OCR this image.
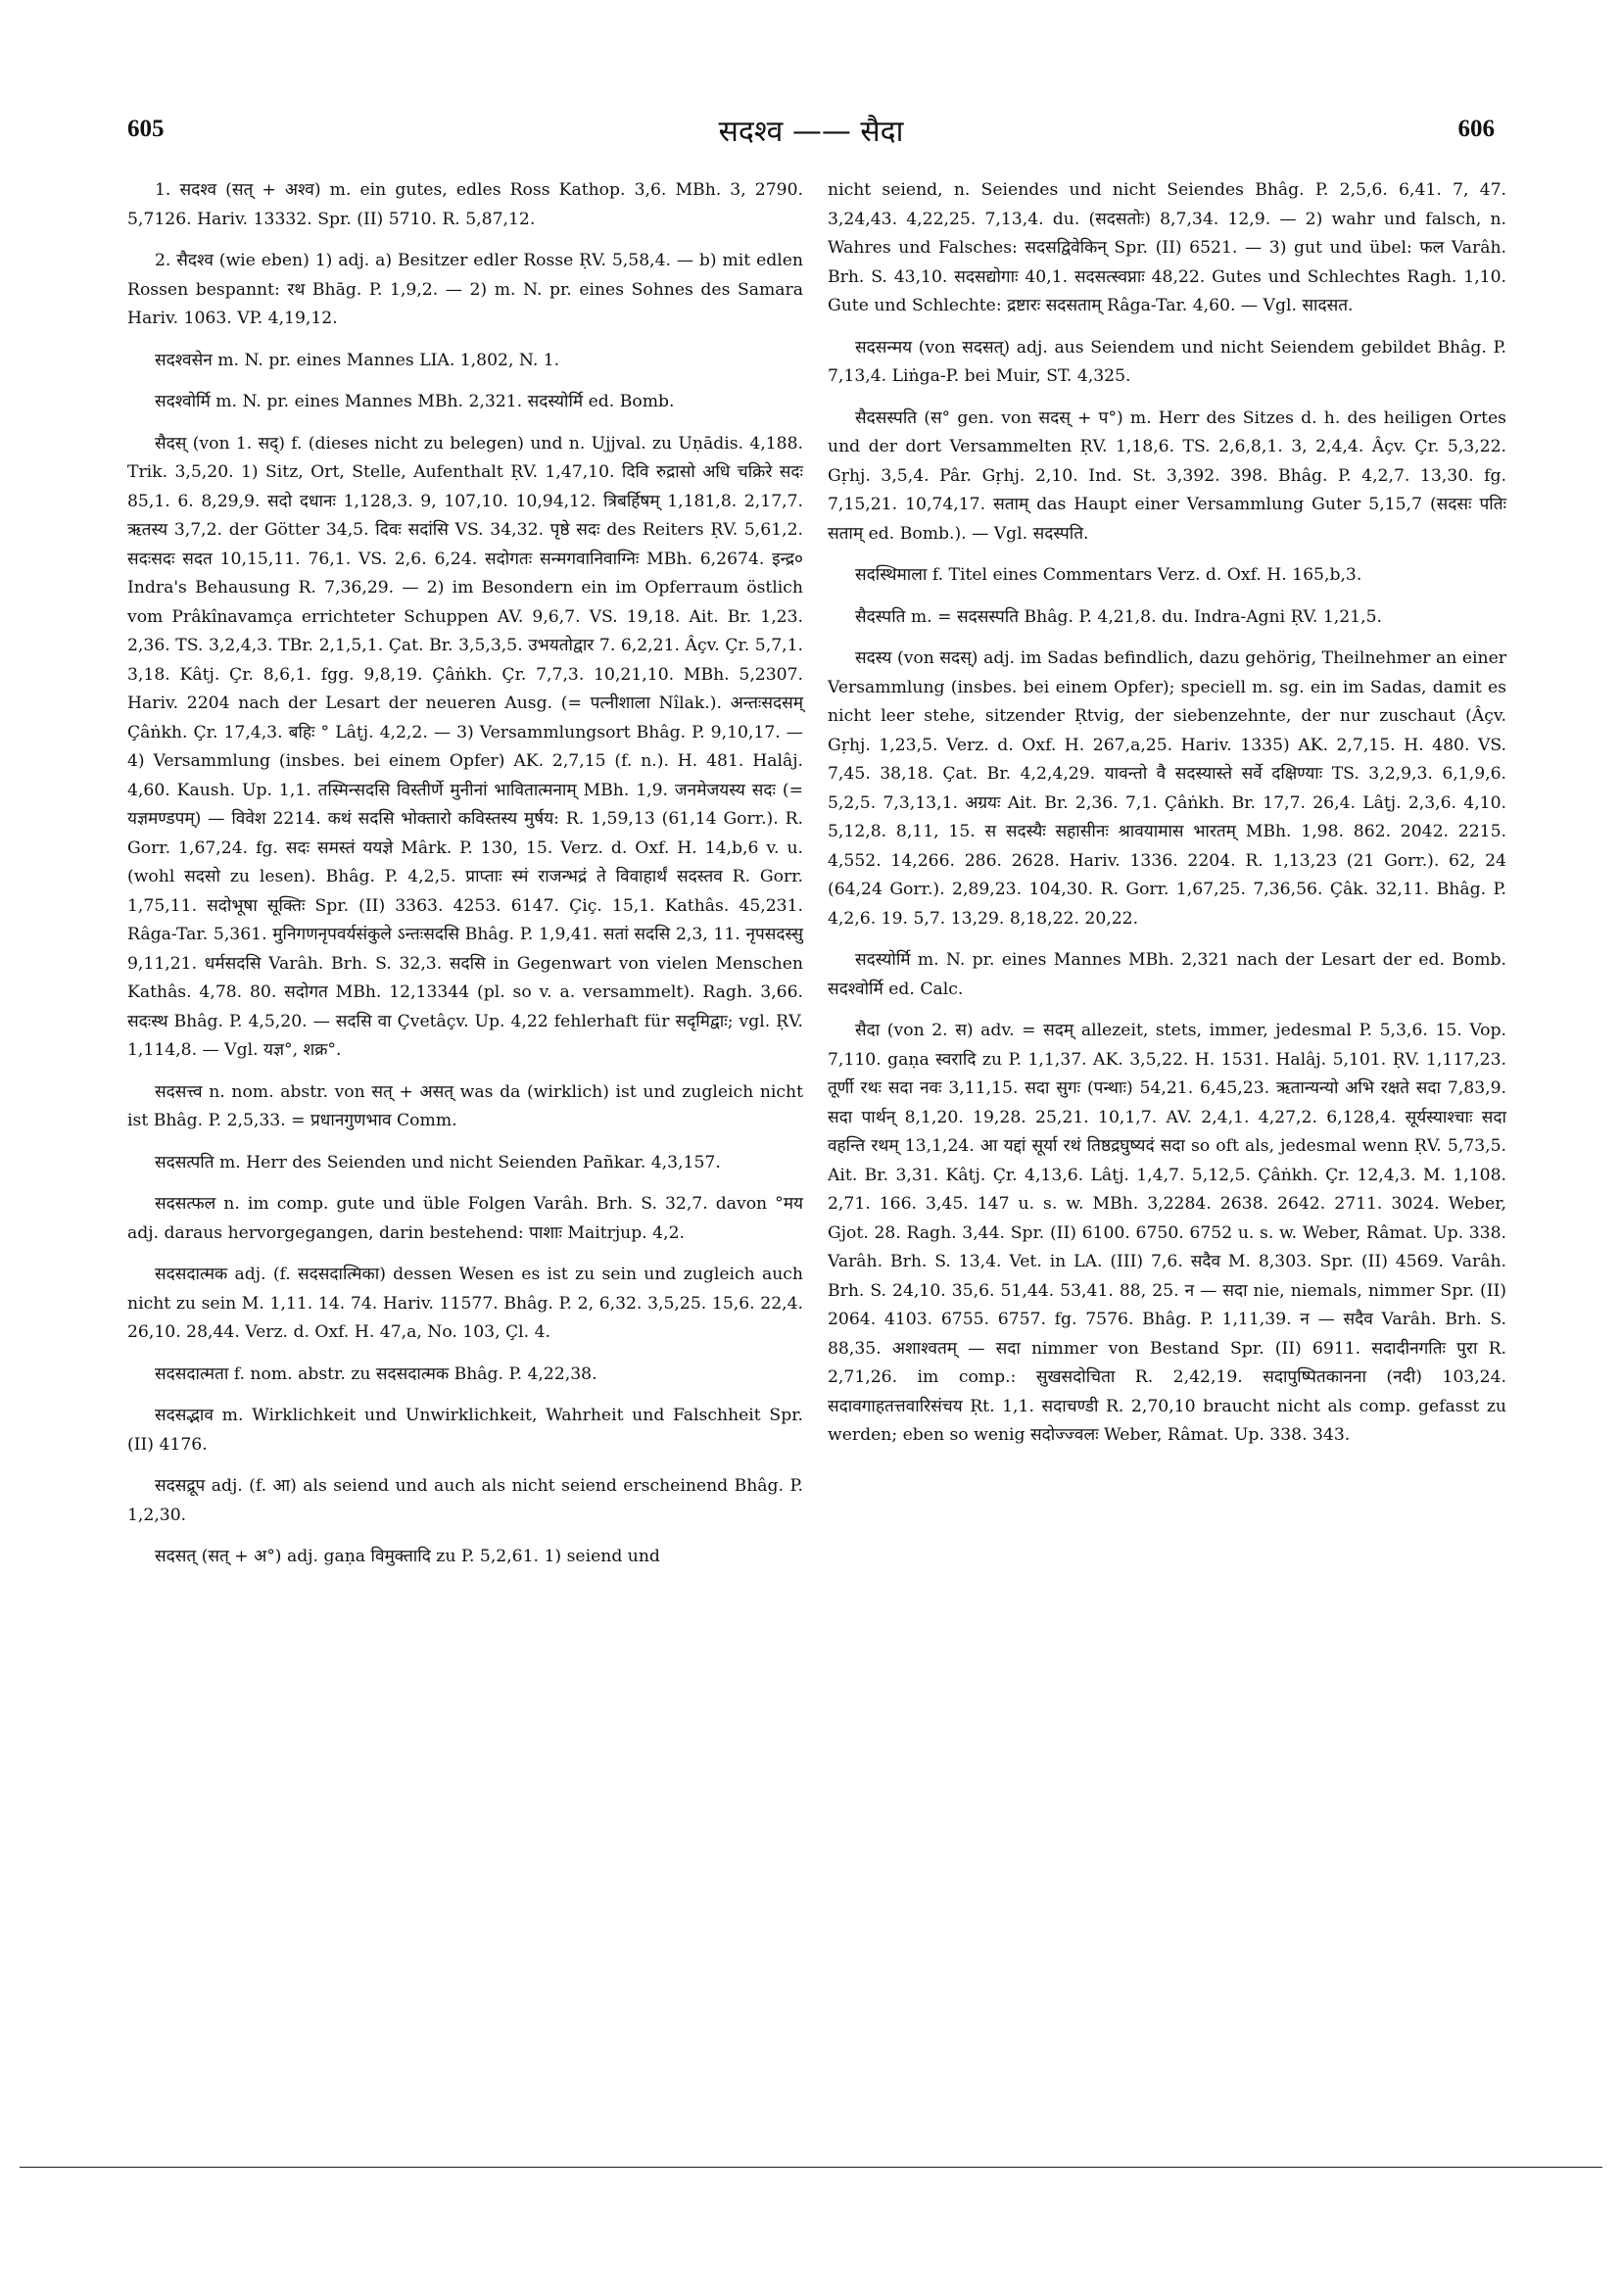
605	सदश्व —— सैदा	606

1. सदश्व (सत् + अश्व) m. ein gutes, edles Ross Kathop. 3,6. MBh. 3, 2790. 5,7126. Hariv. 13332. Spr. (II) 5710. R. 5,87,12.

2. सैदश्व (wie eben) 1) adj. a) Besitzer edler Rosse ṚV. 5,58,4. — b) mit edlen Rossen bespannt: रथ Bhāg. P. 1,9,2. — 2) m. N. pr. eines Sohnes des Samara Hariv. 1063. VP. 4,19,12.

सदश्वसेन m. N. pr. eines Mannes LIA. 1,802, N. 1.

सदश्वोर्मि m. N. pr. eines Mannes MBh. 2,321. सदस्योर्मि ed. Bomb.

सैदस् (von 1. सद्) f. (dieses nicht zu belegen) und n. Ujjval. zu Uṇādis. 4,188. Trik. 3,5,20. 1) Sitz, Ort, Stelle, Aufenthalt ṚV. 1,47,10. दिवि रुद्रासो अधि चक्रिरे सदः 85,1. 6. 8,29,9. सदो दधानः 1,128,3. 9, 107,10. 10,94,12. त्रिबर्हिषम् 1,181,8. 2,17,7. ऋतस्य 3,7,2. der Götter 34,5. दिवः सदांसि VS. 34,32. पृष्ठे सदः des Reiters ṚV. 5,61,2. सदःसदः सदत 10,15,11. 76,1. VS. 2,6. 6,24. सदोगतः सन्मगवानिवाग्निः MBh. 6,2674. इन्द्र० Indra's Behausung R. 7,36,29. — 2) im Besondern ein im Opferraum östlich vom Prâkînavamça errichteter Schuppen AV. 9,6,7. VS. 19,18. Ait. Br. 1,23. 2,36. TS. 3,2,4,3. TBr. 2,1,5,1. Çat. Br. 3,5,3,5. उभयतोद्वार 7. 6,2,21. Âçv. Çr. 5,7,1. 3,18. Kâtj. Çr. 8,6,1. fgg. 9,8,19. Çâṅkh. Çr. 7,7,3. 10,21,10. MBh. 5,2307. Hariv. 2204 nach der Lesart der neueren Ausg. (= पत्नीशाला Nîlak.). अन्तःसदसम् Çâṅkh. Çr. 17,4,3. बहिः ° Lâṭj. 4,2,2. — 3) Versammlungsort Bhâg. P. 9,10,17. — 4) Versammlung (insbes. bei einem Opfer) AK. 2,7,15 (f. n.). H. 481. Halâj. 4,60. Kaush. Up. 1,1. तस्मिन्सदसि विस्तीर्णे मुनीनां भावितात्मनाम् MBh. 1,9. जनमेजयस्य सदः (= यज्ञमण्डपम्) — विवेश 2214. कथं सदसि भोक्तारो कविस्तस्य मुर्षय: R. 1,59,13 (61,14 Gorr.). R. Gorr. 1,67,24. fg. सदः समस्तं ययज्ञे Mârk. P. 130, 15. Verz. d. Oxf. H. 14,b,6 v. u. (wohl सदसो zu lesen). Bhâg. P. 4,2,5. प्राप्ताः स्मं राजन्भद्रं ते विवाहार्थं सदस्तव R. Gorr. 1,75,11. सदोभूषा सूक्तिः Spr. (II) 3363. 4253. 6147. Çiç. 15,1. Kathâs. 45,231. Râga-Tar. 5,361. मुनिगणनृपवर्यसंकुले ऽन्तःसदसि Bhâg. P. 1,9,41. सतां सदसि 2,3, 11. नृपसदस्सु 9,11,21. धर्मसदसि Varâh. Brh. S. 32,3. सदसि in Gegenwart von vielen Menschen Kathâs. 4,78. 80. सदोगत MBh. 12,13344 (pl. so v. a. versammelt). Ragh. 3,66. सदःस्थ Bhâg. P. 4,5,20. — सदसि वा Çvetâçv. Up. 4,22 fehlerhaft für सदृमिद्वाः; vgl. ṚV. 1,114,8. — Vgl. यज्ञ°, शक्र°.

सदसत्त्व n. nom. abstr. von सत् + असत् was da (wirklich) ist und zugleich nicht ist Bhâg. P. 2,5,33. = प्रधानगुणभाव Comm.

सदसत्पति m. Herr des Seienden und nicht Seienden Pañkar. 4,3,157.

सदसत्फल n. im comp. gute und üble Folgen Varâh. Brh. S. 32,7. davon °मय adj. daraus hervorgegangen, darin bestehend: पाशाः Maitrjup. 4,2.

सदसदात्मक adj. (f. सदसदात्मिका) dessen Wesen es ist zu sein und zugleich auch nicht zu sein M. 1,11. 14. 74. Hariv. 11577. Bhâg. P. 2, 6,32. 3,5,25. 15,6. 22,4. 26,10. 28,44. Verz. d. Oxf. H. 47,a, No. 103, Çl. 4.

सदसदात्मता f. nom. abstr. zu सदसदात्मक Bhâg. P. 4,22,38.

सदसद्भाव m. Wirklichkeit und Unwirklichkeit, Wahrheit und Falschheit Spr. (II) 4176.

सदसद्रूप adj. (f. आ) als seiend und auch als nicht seiend erscheinend Bhâg. P. 1,2,30.

सदसत् (सत् + अ°) adj. gaṇa विमुक्तादि zu P. 5,2,61. 1) seiend und

nicht seiend, n. Seiendes und nicht Seiendes Bhâg. P. 2,5,6. 6,41. 7, 47. 3,24,43. 4,22,25. 7,13,4. du. (सदसतोः) 8,7,34. 12,9. — 2) wahr und falsch, n. Wahres und Falsches: सदसद्विवेकिन् Spr. (II) 6521. — 3) gut und übel: फल Varâh. Brh. S. 43,10. सदसद्योगाः 40,1. सदसत्स्वप्नाः 48,22. Gutes und Schlechtes Ragh. 1,10. Gute und Schlechte: द्रष्टारः सदसताम् Râga-Tar. 4,60. — Vgl. सादसत.

सदसन्मय (von सदसत्) adj. aus Seiendem und nicht Seiendem gebildet Bhâg. P. 7,13,4. Liṅga-P. bei Muir, ST. 4,325.

सैदसस्पति (स° gen. von सदस् + प°) m. Herr des Sitzes d. h. des heiligen Ortes und der dort Versammelten ṚV. 1,18,6. TS. 2,6,8,1. 3, 2,4,4. Âçv. Çr. 5,3,22. Gṛhj. 3,5,4. Pâr. Gṛhj. 2,10. Ind. St. 3,392. 398. Bhâg. P. 4,2,7. 13,30. fg. 7,15,21. 10,74,17. सताम् das Haupt einer Versammlung Guter 5,15,7 (सदसः पतिः सताम् ed. Bomb.). — Vgl. सदस्पति.

सदस्थिमाला f. Titel eines Commentars Verz. d. Oxf. H. 165,b,3.

सैदस्पति m. = सदसस्पति Bhâg. P. 4,21,8. du. Indra-Agni ṚV. 1,21,5.

सदस्य (von सदस्) adj. im Sadas befindlich, dazu gehörig, Theilnehmer an einer Versammlung (insbes. bei einem Opfer); speciell m. sg. ein im Sadas, damit es nicht leer stehe, sitzender Ṛtvig, der siebenzehnte, der nur zuschaut (Âçv. Gṛhj. 1,23,5. Verz. d. Oxf. H. 267,a,25. Hariv. 1335) AK. 2,7,15. H. 480. VS. 7,45. 38,18. Çat. Br. 4,2,4,29. यावन्तो वै सदस्यास्ते सर्वे दक्षिण्याः TS. 3,2,9,3. 6,1,9,6. 5,2,5. 7,3,13,1. अग्रयः Ait. Br. 2,36. 7,1. Çâṅkh. Br. 17,7. 26,4. Lâṭj. 2,3,6. 4,10. 5,12,8. 8,11, 15. स सदस्यैः सहासीनः श्रावयामास भारतम् MBh. 1,98. 862. 2042. 2215. 4,552. 14,266. 286. 2628. Hariv. 1336. 2204. R. 1,13,23 (21 Gorr.). 62, 24 (64,24 Gorr.). 2,89,23. 104,30. R. Gorr. 1,67,25. 7,36,56. Çâk. 32,11. Bhâg. P. 4,2,6. 19. 5,7. 13,29. 8,18,22. 20,22.

सदस्योर्मि m. N. pr. eines Mannes MBh. 2,321 nach der Lesart der ed. Bomb. सदश्वोर्मि ed. Calc.

सैदा (von 2. स) adv. = सदम् allezeit, stets, immer, jedesmal P. 5,3,6. 15. Vop. 7,110. gaṇa स्वरादि zu P. 1,1,37. AK. 3,5,22. H. 1531. Halâj. 5,101. ṚV. 1,117,23. तूर्णी रथः सदा नवः 3,11,15. सदा सुगः (पन्थाः) 54,21. 6,45,23. ऋतान्यन्यो अभि रक्षते सदा 7,83,9. सदा पार्थन् 8,1,20. 19,28. 25,21. 10,1,7. AV. 2,4,1. 4,27,2. 6,128,4. सूर्यस्याश्चाः सदा वहन्ति रथम् 13,1,24. आ यद्दां सूर्या रथं तिष्ठद्रघुष्यदं सदा so oft als, jedesmal wenn ṚV. 5,73,5. Ait. Br. 3,31. Kâtj. Çr. 4,13,6. Lâṭj. 1,4,7. 5,12,5. Çâṅkh. Çr. 12,4,3. M. 1,108. 2,71. 166. 3,45. 147 u. s. w. MBh. 3,2284. 2638. 2642. 2711. 3024. Weber, Gjot. 28. Ragh. 3,44. Spr. (II) 6100. 6750. 6752 u. s. w. Weber, Râmat. Up. 338. Varâh. Brh. S. 13,4. Vet. in LA. (III) 7,6. सदैव M. 8,303. Spr. (II) 4569. Varâh. Brh. S. 24,10. 35,6. 51,44. 53,41. 88, 25. न — सदा nie, niemals, nimmer Spr. (II) 2064. 4103. 6755. 6757. fg. 7576. Bhâg. P. 1,11,39. न — सदैव Varâh. Brh. S. 88,35. अशाश्वतम् — सदा nimmer von Bestand Spr. (II) 6911. सदादीनगतिः पुरा R. 2,71,26. im comp.: सुखसदोचिता R. 2,42,19. सदापुष्पितकानना (नदी) 103,24. सदावगाहतत्तवारिसंचय Ṛt. 1,1. सदाचण्डी R. 2,70,10 braucht nicht als comp. gefasst zu werden; eben so wenig सदोज्ज्वलः Weber, Râmat. Up. 338. 343.
